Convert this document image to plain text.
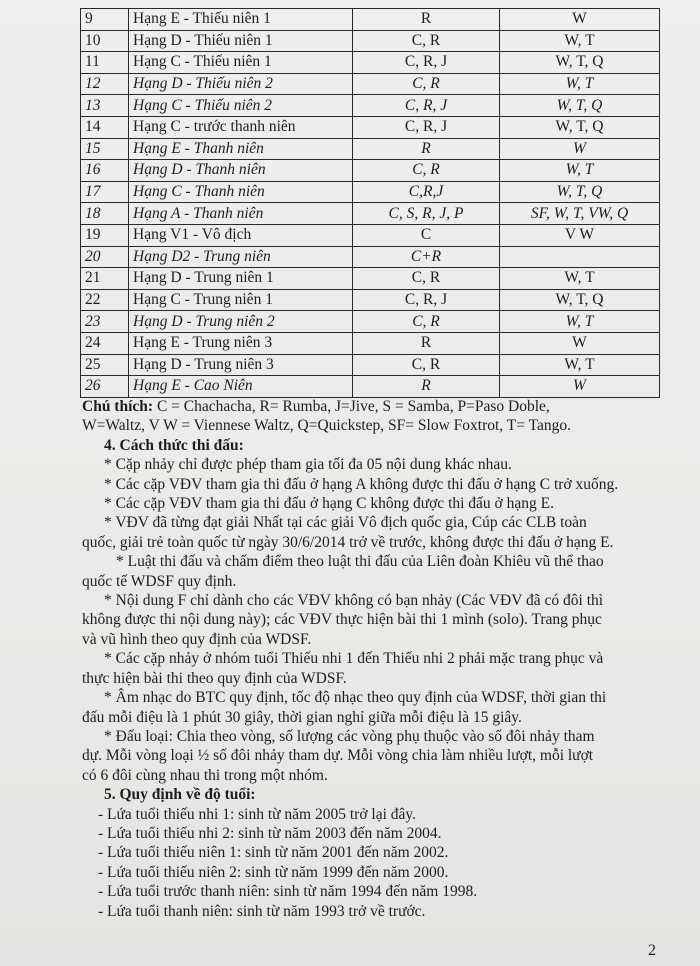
9	Hạng E - Thiếu niên 1	R	W
10	Hạng D - Thiếu niên 1	C, R	W, T
11	Hạng C - Thiếu niên 1	C, R, J	W, T, Q
12	Hạng D - Thiếu niên 2	C, R	W, T
13	Hạng C - Thiếu niên 2	C, R, J	W, T, Q
14	Hạng C - trước thanh niên	C, R, J	W, T, Q
15	Hạng E - Thanh niên	R	W
16	Hạng D - Thanh niên	C, R	W, T
17	Hạng C - Thanh niên	C,R,J	W, T, Q
18	Hạng A - Thanh niên	C, S, R, J, P	SF, W, T, VW, Q
19	Hạng V1 - Vô địch	C	V W
20	Hạng D2 - Trung niên	C+R	
21	Hạng D - Trung niên 1	C, R	W, T
22	Hạng C - Trung niên 1	C, R, J	W, T, Q
23	Hạng D - Trung niên 2	C, R	W, T
24	Hạng E - Trung niên 3	R	W
25	Hạng D - Trung niên 3	C, R	W, T
26	Hạng E - Cao Niên	R	W

Chú thích: C = Chachacha, R= Rumba, J=Jive, S = Samba, P=Paso Doble,

W=Waltz, V W = Viennese Waltz, Q=Quickstep, SF= Slow Foxtrot, T= Tango.

4. Cách thức thi đấu:

* Cặp nhảy chỉ được phép tham gia tối đa 05 nội dung khác nhau.

* Các cặp VĐV tham gia thi đấu ở hạng A không được thi đấu ở hạng C trở xuống.

* Các cặp VĐV tham gia thi đấu ở hạng C không được thi đấu ở hạng E.

* VĐV đã từng đạt giải Nhất tại các giải Vô địch quốc gia, Cúp các CLB toàn

quốc, giải trẻ toàn quốc từ ngày 30/6/2014 trở về trước, không được thi đấu ở hạng E.

* Luật thi đấu và chấm điểm theo luật thi đấu của Liên đoàn Khiêu vũ thể thao

quốc tế WDSF quy định.

* Nội dung F chỉ dành cho các VĐV không có bạn nhảy (Các VĐV đã có đôi thì

không được thi nội dung này); các VĐV thực hiện bài thi 1 mình (solo). Trang phục

và vũ hình theo quy định của WDSF.

* Các cặp nhảy ở nhóm tuổi Thiếu nhi 1 đến Thiếu nhi 2 phải mặc trang phục và

thực hiện bài thi theo quy định của WDSF.

* Âm nhạc do BTC quy định, tốc độ nhạc theo quy định của WDSF, thời gian thi

đấu mỗi điệu là 1 phút 30 giây, thời gian nghỉ giữa mỗi điệu là 15 giây.

* Đấu loại: Chia theo vòng, số lượng các vòng phụ thuộc vào số đôi nhảy tham

dự. Mỗi vòng loại ½ số đôi nhảy tham dự. Mỗi vòng chia làm nhiều lượt, mỗi lượt

có 6 đôi cùng nhau thi trong một nhóm.

5. Quy định về độ tuổi:

- Lứa tuổi thiếu nhi 1: sinh từ năm 2005 trở lại đây.

- Lứa tuổi thiếu nhi 2: sinh từ năm 2003 đến năm 2004.

- Lứa tuổi thiếu niên 1: sinh từ năm 2001 đến năm 2002.

- Lứa tuổi thiếu niên 2: sinh từ năm 1999 đến năm 2000.

- Lứa tuổi trước thanh niên: sinh từ năm 1994 đến năm 1998.

- Lứa tuổi thanh niên: sinh từ năm 1993 trở về trước.

2
